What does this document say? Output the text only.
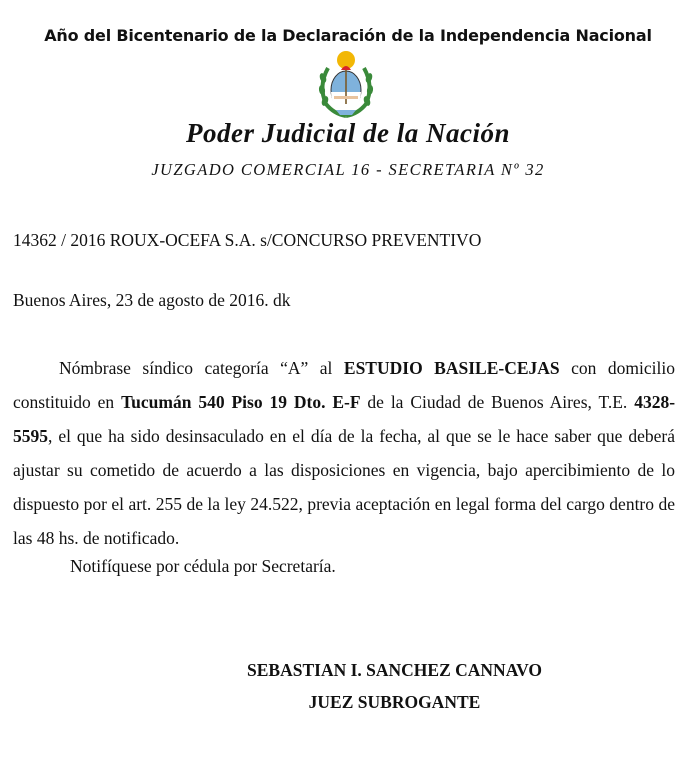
Año del Bicentenario de la Declaración de la Independencia Nacional
Poder Judicial de la Nación
JUZGADO COMERCIAL 16 - SECRETARIA Nº 32
14362 / 2016 ROUX-OCEFA S.A. s/CONCURSO PREVENTIVO
Buenos Aires, 23 de agosto de 2016. dk

Nómbrase síndico categoría “A” al ESTUDIO BASILE-CEJAS con domicilio constituido en Tucumán 540 Piso 19 Dto. E-F de la Ciudad de Buenos Aires, T.E. 4328-5595, el que ha sido desinsaculado en el día de la fecha, al que se le hace saber que deberá ajustar su cometido de acuerdo a las disposiciones en vigencia, bajo apercibimiento de lo dispuesto por el art. 255 de la ley 24.522, previa aceptación en legal forma del cargo dentro de las 48 hs. de notificado.

Notifíquese por cédula por Secretaría.
SEBASTIAN I. SANCHEZ CANNAVO
JUEZ SUBROGANTE
